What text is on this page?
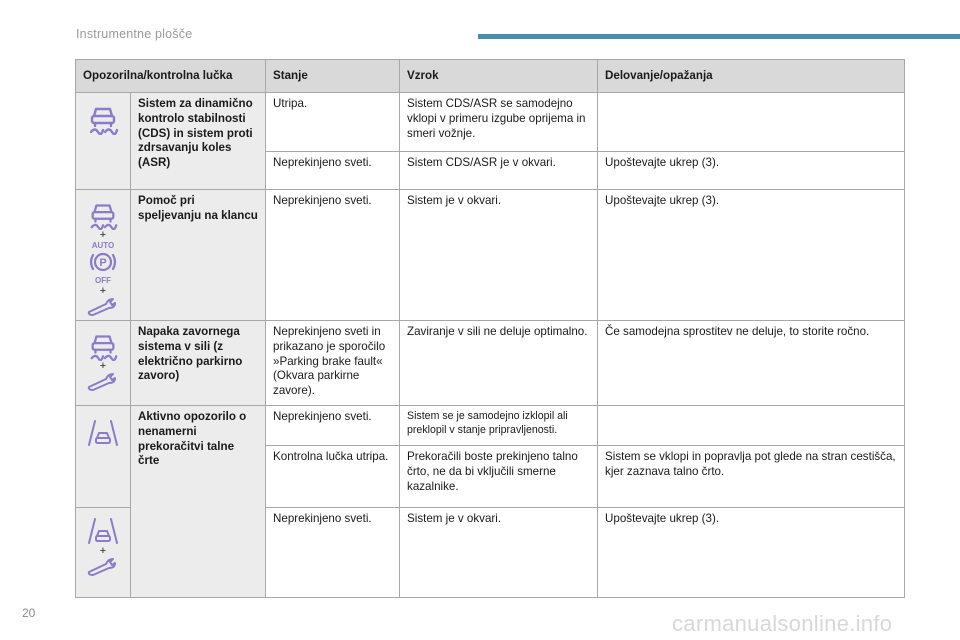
Instrumentne plošče
Opozorilna/kontrolna lučka		Stanje	Vzrok	Delovanje/opažanja

	Sistem za dinamično kontrolo stabilnosti (CDS) in sistem proti zdrsavanju koles (ASR)	Utripa.	Sistem CDS/ASR se samodejno vklopi v primeru izgube oprijema in smeri vožnje.	
		Neprekinjeno sveti.	Sistem CDS/ASR je v okvari.	Upoštevajte ukrep (3).

+
AUTO
P
OFF
+	Pomoč pri speljevanju na klancu	Neprekinjeno sveti.	Sistem je v okvari.	Upoštevajte ukrep (3).

+	Napaka zavornega sistema v sili (z električno parkirno zavoro)	Neprekinjeno sveti in prikazano je sporočilo »Parking brake fault« (Okvara parkirne zavore).	Zaviranje v sili ne deluje optimalno.	Če samodejna sprostitev ne deluje, to storite ročno.

	Aktivno opozorilo o nenamerni prekoračitvi talne črte	Neprekinjeno sveti.	Sistem se je samodejno izklopil ali preklopil v stanje pripravljenosti.	
		Kontrolna lučka utripa.	Prekoračili boste prekinjeno talno črto, ne da bi vključili smerne kazalnike.	Sistem se vklopi in popravlja pot glede na stran cestišča, kjer zaznava talno črto.

+		Neprekinjeno sveti.	Sistem je v okvari.	Upoštevajte ukrep (3).
20	carmanualsonline.info
